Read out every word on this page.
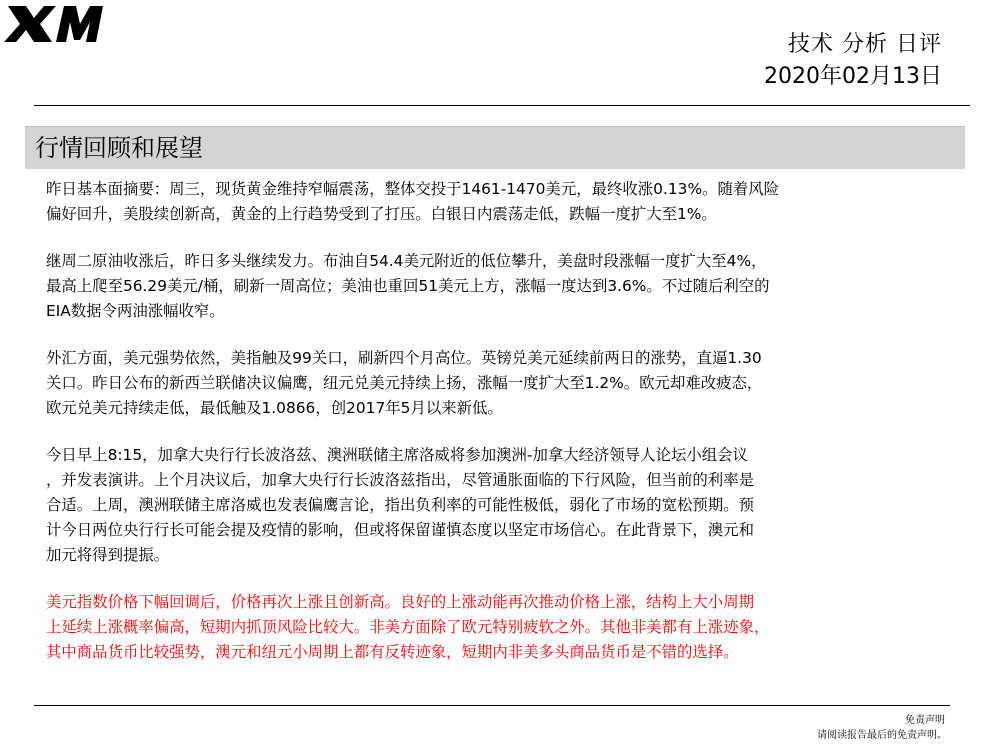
技术 分析 日评
2020年02月13日
行情回顾和展望

昨日基本面摘要：周三，现货黄金维持窄幅震荡，整体交投于1461-1470美元，最终收涨0.13%。随着风险
偏好回升，美股续创新高，黄金的上行趋势受到了打压。白银日内震荡走低，跌幅一度扩大至1%。

继周二原油收涨后，昨日多头继续发力。布油自54.4美元附近的低位攀升，美盘时段涨幅一度扩大至4%，
最高上爬至56.29美元/桶，刷新一周高位；美油也重回51美元上方，涨幅一度达到3.6%。不过随后利空的
EIA数据令两油涨幅收窄。

外汇方面，美元强势依然，美指触及99关口，刷新四个月高位。英镑兑美元延续前两日的涨势，直逼1.30
关口。昨日公布的新西兰联储决议偏鹰，纽元兑美元持续上扬，涨幅一度扩大至1.2%。欧元却难改疲态，
欧元兑美元持续走低，最低触及1.0866，创2017年5月以来新低。

今日早上8:15，加拿大央行行长波洛兹、澳洲联储主席洛威将参加澳洲-加拿大经济领导人论坛小组会议
，并发表演讲。上个月决议后，加拿大央行行长波洛兹指出，尽管通胀面临的下行风险，但当前的利率是
合适。上周，澳洲联储主席洛威也发表偏鹰言论，指出负利率的可能性极低，弱化了市场的宽松预期。预
计今日两位央行行长可能会提及疫情的影响，但或将保留谨慎态度以坚定市场信心。在此背景下，澳元和
加元将得到提振。

美元指数价格下幅回调后，价格再次上涨且创新高。良好的上涨动能再次推动价格上涨，结构上大小周期
上延续上涨概率偏高，短期内抓顶风险比较大。非美方面除了欧元特别疲软之外。其他非美都有上涨迹象，
其中商品货币比较强势，澳元和纽元小周期上都有反转迹象，短期内非美多头商品货币是不错的选择。

免责声明
请阅读报告最后的免责声明。
